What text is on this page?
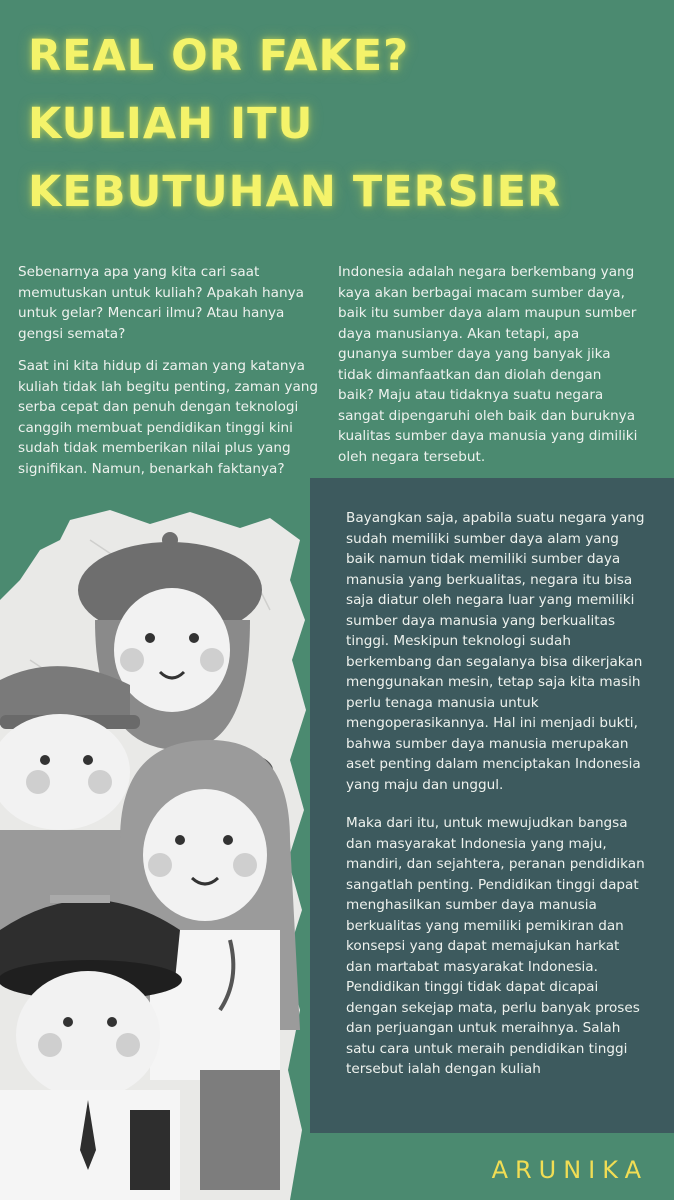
REAL OR FAKE?
KULIAH ITU
KEBUTUHAN TERSIER

Sebenarnya apa yang kita cari saat memutuskan untuk kuliah? Apakah hanya untuk gelar? Mencari ilmu? Atau hanya gengsi semata?

Saat ini kita hidup di zaman yang katanya kuliah tidak lah begitu penting, zaman yang serba cepat dan penuh dengan teknologi canggih membuat pendidikan tinggi kini sudah tidak memberikan nilai plus yang signifikan. Namun, benarkah faktanya?

Indonesia adalah negara berkembang yang kaya akan berbagai macam sumber daya, baik itu sumber daya alam maupun sumber daya manusianya. Akan tetapi, apa gunanya sumber daya yang banyak jika tidak dimanfaatkan dan diolah dengan baik? Maju atau tidaknya suatu negara sangat dipengaruhi oleh baik dan buruknya kualitas sumber daya manusia yang dimiliki oleh negara tersebut.

Bayangkan saja, apabila suatu negara yang sudah memiliki sumber daya alam yang baik namun tidak memiliki sumber daya manusia yang berkualitas, negara itu bisa saja diatur oleh negara luar yang memiliki sumber daya manusia yang berkualitas tinggi. Meskipun teknologi sudah berkembang dan segalanya bisa dikerjakan menggunakan mesin, tetap saja kita masih perlu tenaga manusia untuk mengoperasikannya. Hal ini menjadi bukti, bahwa sumber daya manusia merupakan aset penting dalam menciptakan Indonesia yang maju dan unggul.

Maka dari itu, untuk mewujudkan bangsa dan masyarakat Indonesia yang maju, mandiri, dan sejahtera, peranan pendidikan sangatlah penting. Pendidikan tinggi dapat menghasilkan sumber daya manusia berkualitas yang memiliki pemikiran dan konsepsi yang dapat memajukan harkat dan martabat masyarakat Indonesia. Pendidikan tinggi tidak dapat dicapai dengan sekejap mata, perlu banyak proses dan perjuangan untuk meraihnya. Salah satu cara untuk meraih pendidikan tinggi tersebut ialah dengan kuliah

ARUNIKA
